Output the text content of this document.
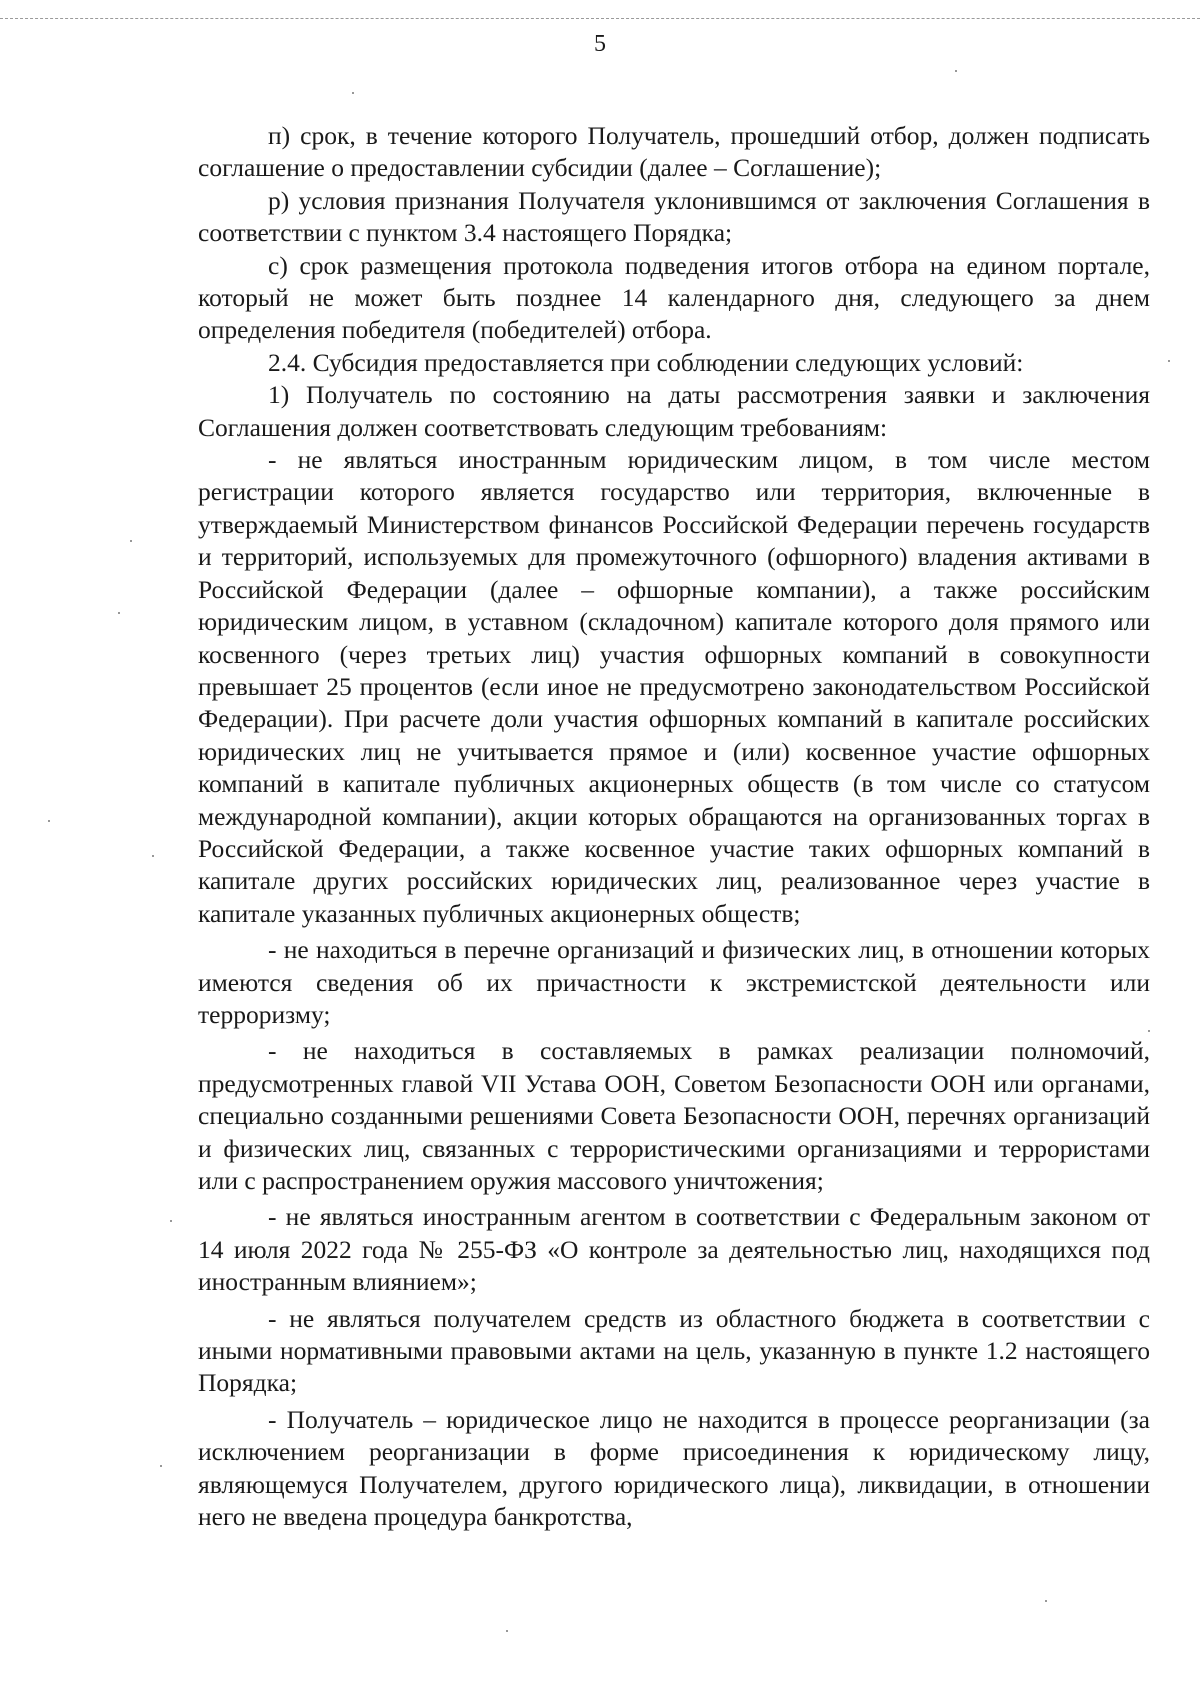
5

п) срок, в течение которого Получатель, прошедший отбор, должен подписать соглашение о предоставлении субсидии (далее – Соглашение);

р) условия признания Получателя уклонившимся от заключения Соглашения в соответствии с пунктом 3.4 настоящего Порядка;

с) срок размещения протокола подведения итогов отбора на едином портале, который не может быть позднее 14 календарного дня, следующего за днем определения победителя (победителей) отбора.

2.4. Субсидия предоставляется при соблюдении следующих условий:

1) Получатель по состоянию на даты рассмотрения заявки и заключения Соглашения должен соответствовать следующим требованиям:

- не являться иностранным юридическим лицом, в том числе местом регистрации которого является государство или территория, включенные в утверждаемый Министерством финансов Российской Федерации перечень государств и территорий, используемых для промежуточного (офшорного) владения активами в Российской Федерации (далее – офшорные компании), а также российским юридическим лицом, в уставном (складочном) капитале которого доля прямого или косвенного (через третьих лиц) участия офшорных компаний в совокупности превышает 25 процентов (если иное не предусмотрено законодательством Российской Федерации). При расчете доли участия офшорных компаний в капитале российских юридических лиц не учитывается прямое и (или) косвенное участие офшорных компаний в капитале публичных акционерных обществ (в том числе со статусом международной компании), акции которых обращаются на организованных торгах в Российской Федерации, а также косвенное участие таких офшорных компаний в капитале других российских юридических лиц, реализованное через участие в капитале указанных публичных акционерных обществ;

- не находиться в перечне организаций и физических лиц, в отношении которых имеются сведения об их причастности к экстремистской деятельности или терроризму;

- не находиться в составляемых в рамках реализации полномочий, предусмотренных главой VII Устава ООН, Советом Безопасности ООН или органами, специально созданными решениями Совета Безопасности ООН, перечнях организаций и физических лиц, связанных с террористическими организациями и террористами или с распространением оружия массового уничтожения;

- не являться иностранным агентом в соответствии с Федеральным законом от 14 июля 2022 года № 255-ФЗ «О контроле за деятельностью лиц, находящихся под иностранным влиянием»;

- не являться получателем средств из областного бюджета в соответствии с иными нормативными правовыми актами на цель, указанную в пункте 1.2 настоящего Порядка;

- Получатель – юридическое лицо не находится в процессе реорганизации (за исключением реорганизации в форме присоединения к юридическому лицу, являющемуся Получателем, другого юридического лица), ликвидации, в отношении него не введена процедура банкротства,
